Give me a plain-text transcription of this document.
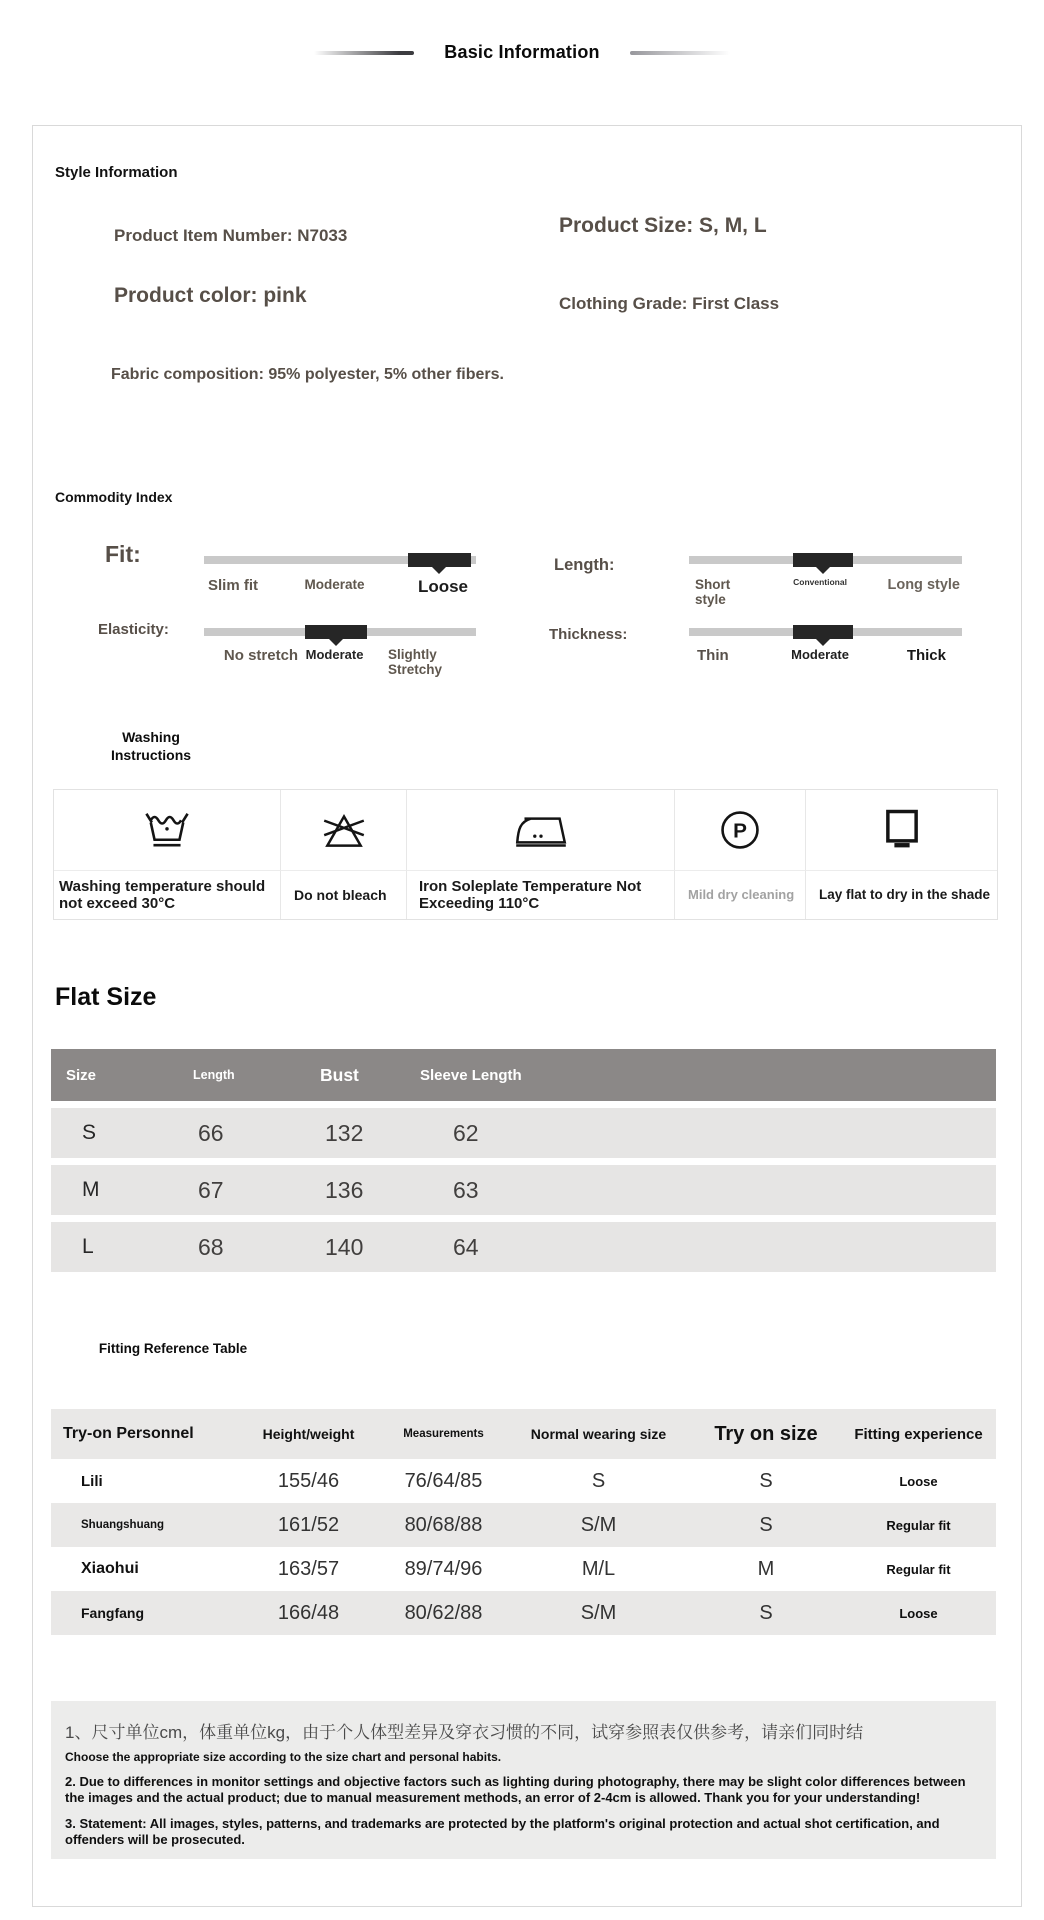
Basic Information
Style Information
Product Item Number: N7033	Product Size: S, M, L
Product color: pink	Clothing Grade: First Class
Fabric composition: 95% polyester, 5% other fibers.
Commodity Index
Fit:
Slim fit	Moderate	Loose
Elasticity:
No stretch Moderate Slightly Stretchy
Length:
Short style
Conventional	Long style
Thickness:
Thin	Moderate	Thick
Washing Instructions
P
Washing temperature should not exceed 30°C
Do not bleach
Iron Soleplate Temperature Not Exceeding 110°C
Mild dry cleaning	Lay flat to dry in the shade
Flat Size
Size	Length	Bust	Sleeve Length
S	66	132	62
M	67	136	63
L	68	140	64
Fitting Reference Table
Try-on Personnel	Height/weight	Measurements	Normal wearing size	Try on size	Fitting experience
Lili	155/46	76/64/85	S	S	Loose
Shuangshuang	161/52	80/68/88	S/M	S	Regular fit
Xiaohui	163/57	89/74/96	M/L	M	Regular fit
Fangfang	166/48	80/62/88	S/M	S	Loose
1、尺寸单位cm，体重单位kg，由于个人体型差异及穿衣习惯的不同，试穿参照表仅供参考，请亲们同时结
Choose the appropriate size according to the size chart and personal habits.
2. Due to differences in monitor settings and objective factors such as lighting during photography, there may be slight color differences between the images and the actual product; due to manual measurement methods, an error of 2-4cm is allowed. Thank you for your understanding!
3. Statement: All images, styles, patterns, and trademarks are protected by the platform's original protection and actual shot certification, and offenders will be prosecuted.
